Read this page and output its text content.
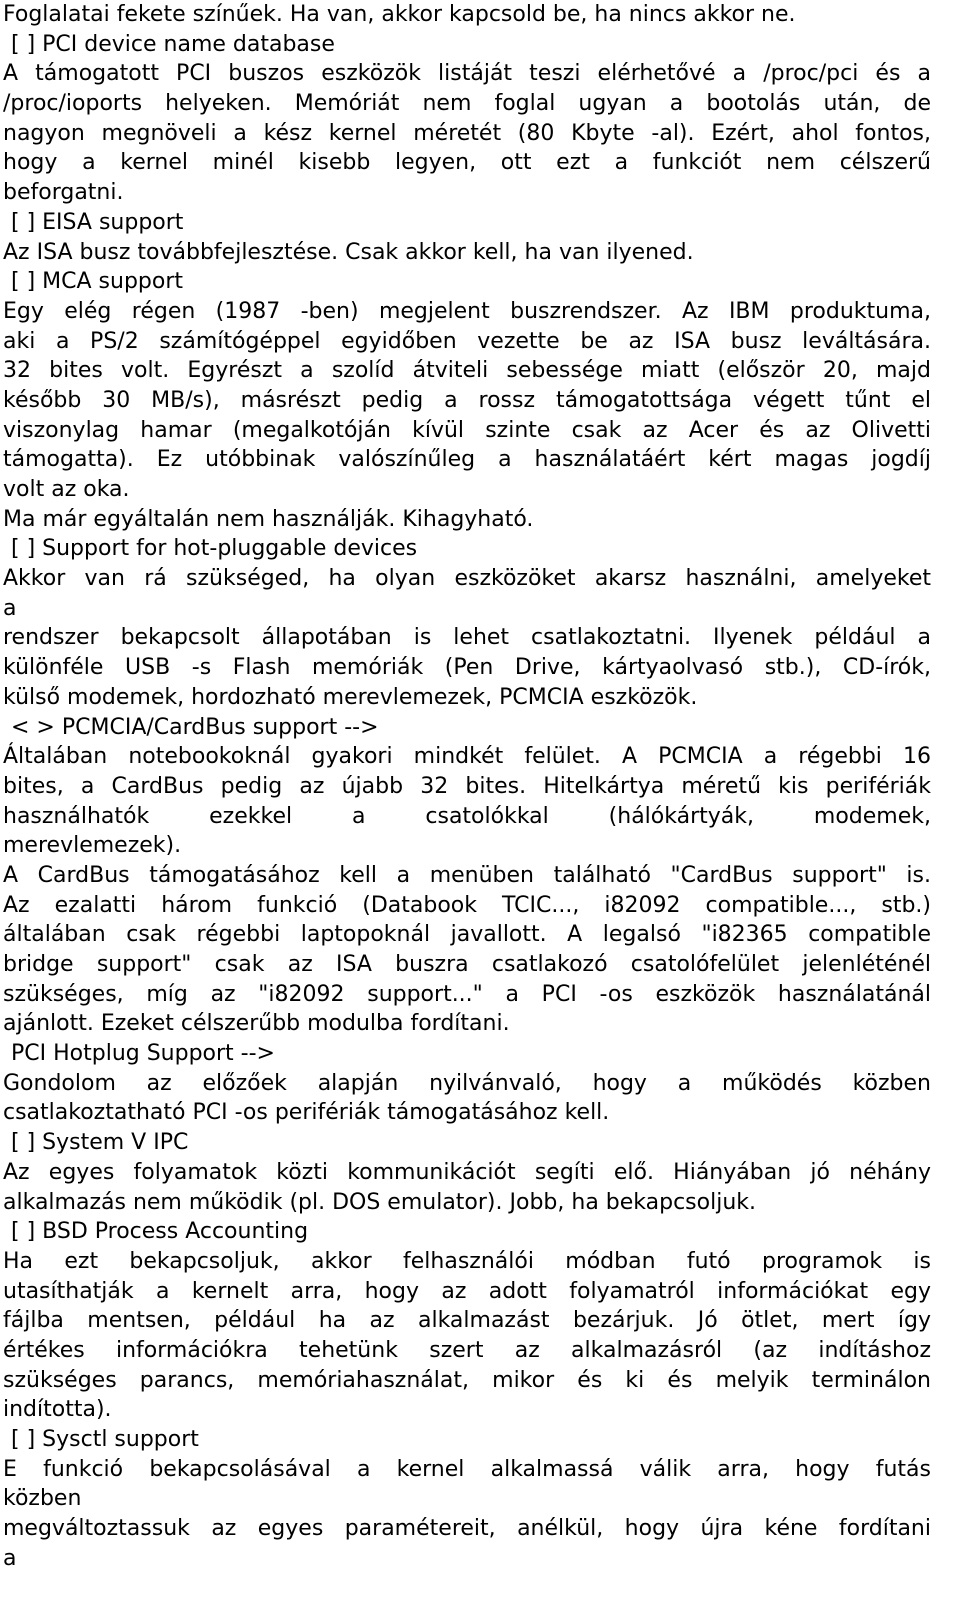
Foglalatai fekete színűek. Ha van, akkor kapcsold be, ha nincs akkor ne.
[ ] PCI device name database
A támogatott PCI buszos eszközök listáját teszi elérhetővé a /proc/pci és a
/proc/ioports helyeken. Memóriát nem foglal ugyan a bootolás után, de
nagyon megnöveli a kész kernel méretét (80 Kbyte -al). Ezért, ahol fontos,
hogy a kernel minél kisebb legyen, ott ezt a funkciót nem célszerű
beforgatni.
[ ] EISA support
Az ISA busz továbbfejlesztése. Csak akkor kell, ha van ilyened.
[ ] MCA support
Egy elég régen (1987 -ben) megjelent buszrendszer. Az IBM produktuma,
aki a PS/2 számítógéppel egyidőben vezette be az ISA busz leváltására.
32 bites volt. Egyrészt a szolíd átviteli sebessége miatt (először 20, majd
később 30 MB/s), másrészt pedig a rossz támogatottsága végett tűnt el
viszonylag hamar (megalkotóján kívül szinte csak az Acer és az Olivetti
támogatta). Ez utóbbinak valószínűleg a használatáért kért magas jogdíj
volt az oka.
Ma már egyáltalán nem használják. Kihagyható.
[ ] Support for hot-pluggable devices
Akkor van rá szükséged, ha olyan eszközöket akarsz használni, amelyeket
a
rendszer bekapcsolt állapotában is lehet csatlakoztatni. Ilyenek például a
különféle USB -s Flash memóriák (Pen Drive, kártyaolvasó stb.), CD-írók,
külső modemek, hordozható merevlemezek, PCMCIA eszközök.
< > PCMCIA/CardBus support -->
Általában notebookoknál gyakori mindkét felület. A PCMCIA a régebbi 16
bites, a CardBus pedig az újabb 32 bites. Hitelkártya méretű kis perifériák
használhatók ezekkel a csatolókkal (hálókártyák, modemek,
merevlemezek).
A CardBus támogatásához kell a menüben található "CardBus support" is.
Az ezalatti három funkció (Databook TCIC..., i82092 compatible..., stb.)
általában csak régebbi laptopoknál javallott. A legalsó "i82365 compatible
bridge support" csak az ISA buszra csatlakozó csatolófelület jelenléténél
szükséges, míg az "i82092 support..." a PCI -os eszközök használatánál
ajánlott. Ezeket célszerűbb modulba fordítani.
PCI Hotplug Support -->
Gondolom az előzőek alapján nyilvánvaló, hogy a működés közben
csatlakoztatható PCI -os perifériák támogatásához kell.
[ ] System V IPC
Az egyes folyamatok közti kommunikációt segíti elő. Hiányában jó néhány
alkalmazás nem működik (pl. DOS emulator). Jobb, ha bekapcsoljuk.
[ ] BSD Process Accounting
Ha ezt bekapcsoljuk, akkor felhasználói módban futó programok is
utasíthatják a kernelt arra, hogy az adott folyamatról információkat egy
fájlba mentsen, például ha az alkalmazást bezárjuk. Jó ötlet, mert így
értékes információkra tehetünk szert az alkalmazásról (az indításhoz
szükséges parancs, memóriahasználat, mikor és ki és melyik terminálon
indította).
[ ] Sysctl support
E funkció bekapcsolásával a kernel alkalmassá válik arra, hogy futás
közben
megváltoztassuk az egyes paramétereit, anélkül, hogy újra kéne fordítani
a
